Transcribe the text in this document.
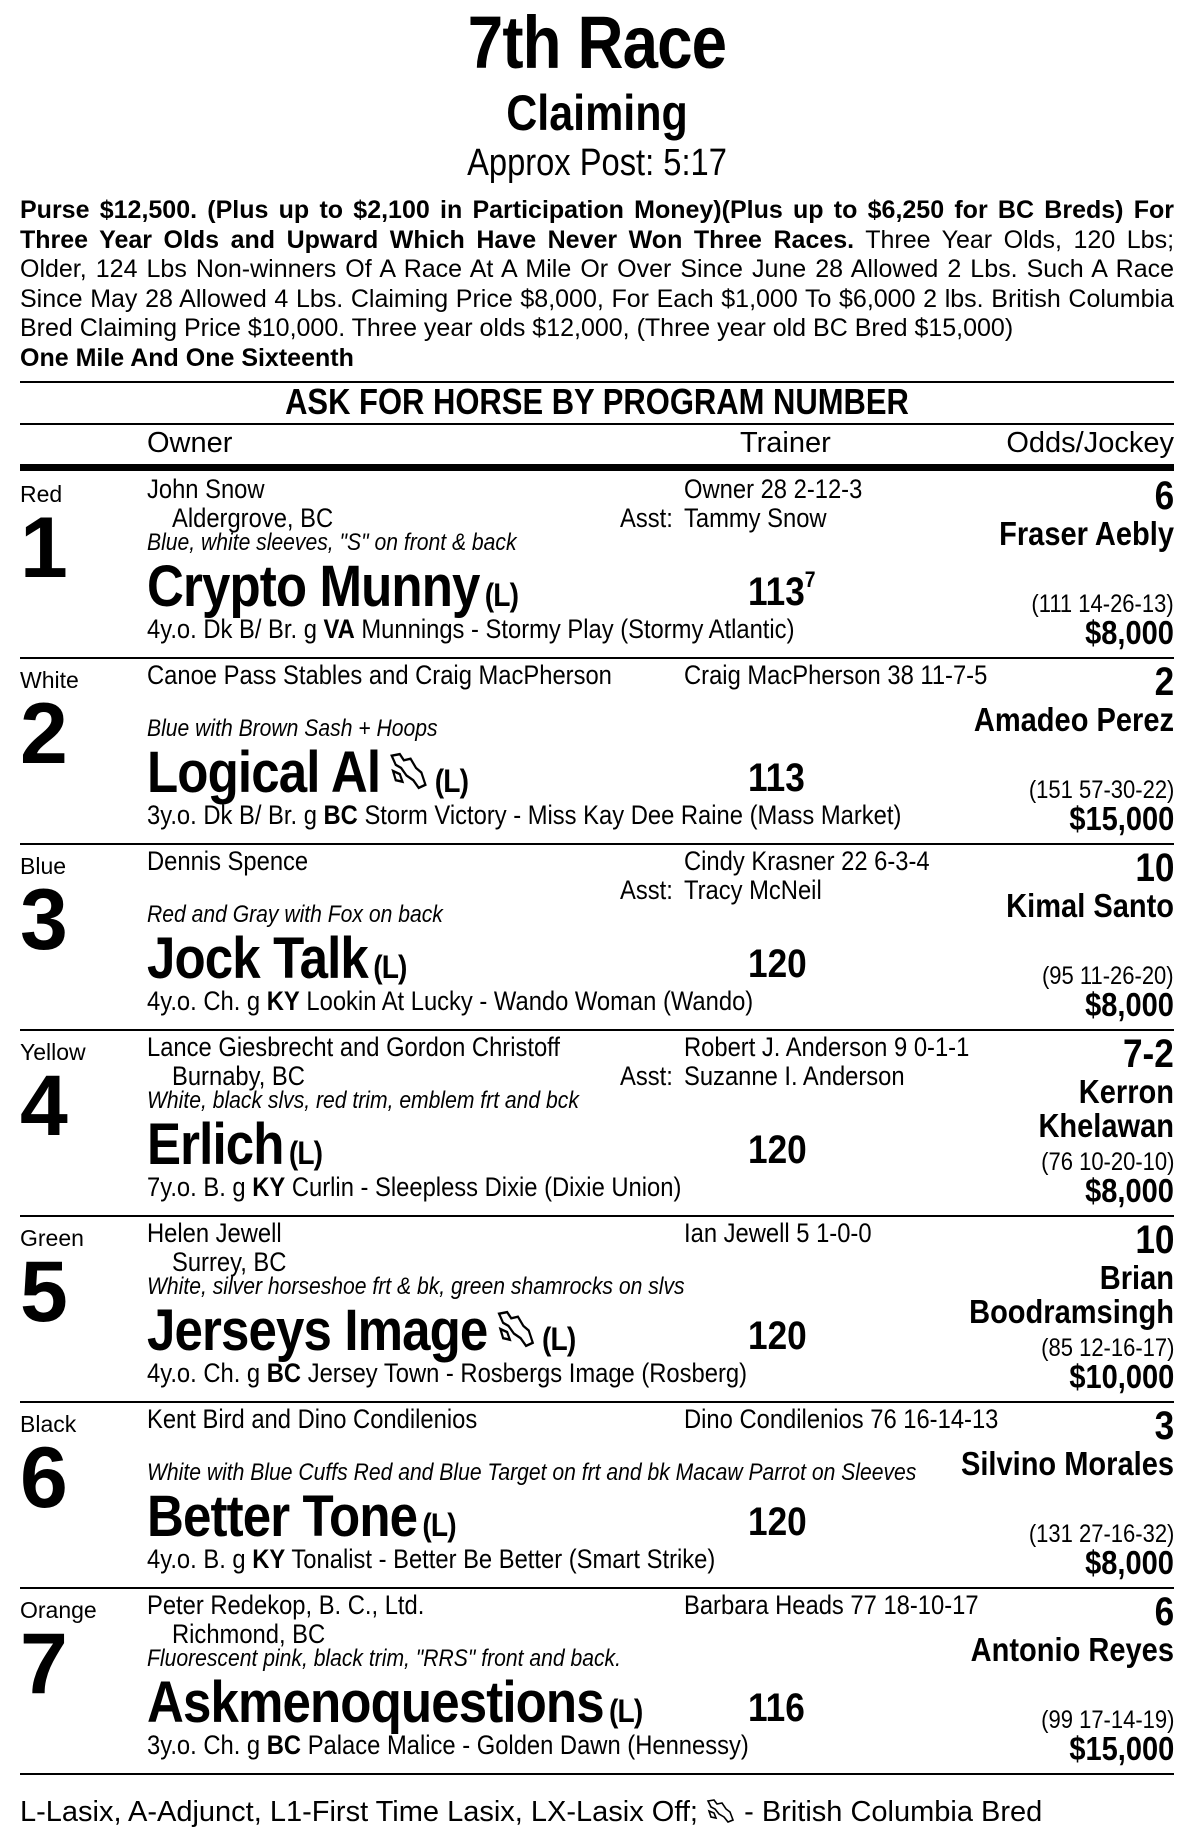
7th Race
Claiming
Approx Post: 5:17
Purse $12,500. (Plus up to $2,100 in Participation Money)(Plus up to $6,250 for BC Breds) For Three Year Olds and Upward Which Have Never Won Three Races. Three Year Olds, 120 Lbs; Older, 124 Lbs Non-winners Of A Race At A Mile Or Over Since June 28 Allowed 2 Lbs. Such A Race Since May 28 Allowed 4 Lbs. Claiming Price $8,000, For Each $1,000 To $6,000 2 lbs. British Columbia Bred Claiming Price $10,000. Three year olds $12,000, (Three year old BC Bred $15,000)
One Mile And One Sixteenth
ASK FOR HORSE BY PROGRAM NUMBER
Owner	Trainer	Odds/Jockey
Red
1
John Snow
Aldergrove, BC
Blue, white sleeves, "S" on front & back
Crypto Munny (L)
4y.o. Dk B/ Br. g VA Munnings - Stormy Play (Stormy Atlantic)
Owner 28 2-12-3
Asst: Tammy Snow
$113^7$
6
Fraser Aebly
(111 14-26-13)
$8,000
White
2
Canoe Pass Stables and Craig MacPherson
Blue with Brown Sash + Hoops
Logical Al (L)
3y.o. Dk B/ Br. g BC Storm Victory - Miss Kay Dee Raine (Mass Market)
Craig MacPherson 38 11-7-5
113
2
Amadeo Perez
(151 57-30-22)
$15,000
Blue
3
Dennis Spence
Red and Gray with Fox on back
Jock Talk (L)
4y.o. Ch. g KY Lookin At Lucky - Wando Woman (Wando)
Cindy Krasner 22 6-3-4
Asst: Tracy McNeil
120
10
Kimal Santo
(95 11-26-20)
$8,000
Yellow
4
Lance Giesbrecht and Gordon Christoff
Burnaby, BC
White, black slvs, red trim, emblem frt and bck
Erlich (L)
7y.o. B. g KY Curlin - Sleepless Dixie (Dixie Union)
Robert J. Anderson 9 0-1-1
Asst: Suzanne I. Anderson
120
7-2
Kerron Khelawan
(76 10-20-10)
$8,000
Green
5
Helen Jewell
Surrey, BC
White, silver horseshoe frt & bk, green shamrocks on slvs
Jerseys Image (L)
4y.o. Ch. g BC Jersey Town - Rosbergs Image (Rosberg)
Ian Jewell 5 1-0-0
120
10
Brian Boodramsingh
(85 12-16-17)
$10,000
Black
6
Kent Bird and Dino Condilenios
White with Blue Cuffs Red and Blue Target on frt and bk Macaw Parrot on Sleeves
Better Tone (L)
4y.o. B. g KY Tonalist - Better Be Better (Smart Strike)
Dino Condilenios 76 16-14-13
120
3
Silvino Morales
(131 27-16-32)
$8,000
Orange
7
Peter Redekop, B. C., Ltd.
Richmond, BC
Fluorescent pink, black trim, "RRS" front and back.
Askmenoquestions (L)
3y.o. Ch. g BC Palace Malice - Golden Dawn (Hennessy)
Barbara Heads 77 18-10-17
116
6
Antonio Reyes
(99 17-14-19)
$15,000
L-Lasix, A-Adjunct, L1-First Time Lasix, LX-Lasix Off; - British Columbia Bred
